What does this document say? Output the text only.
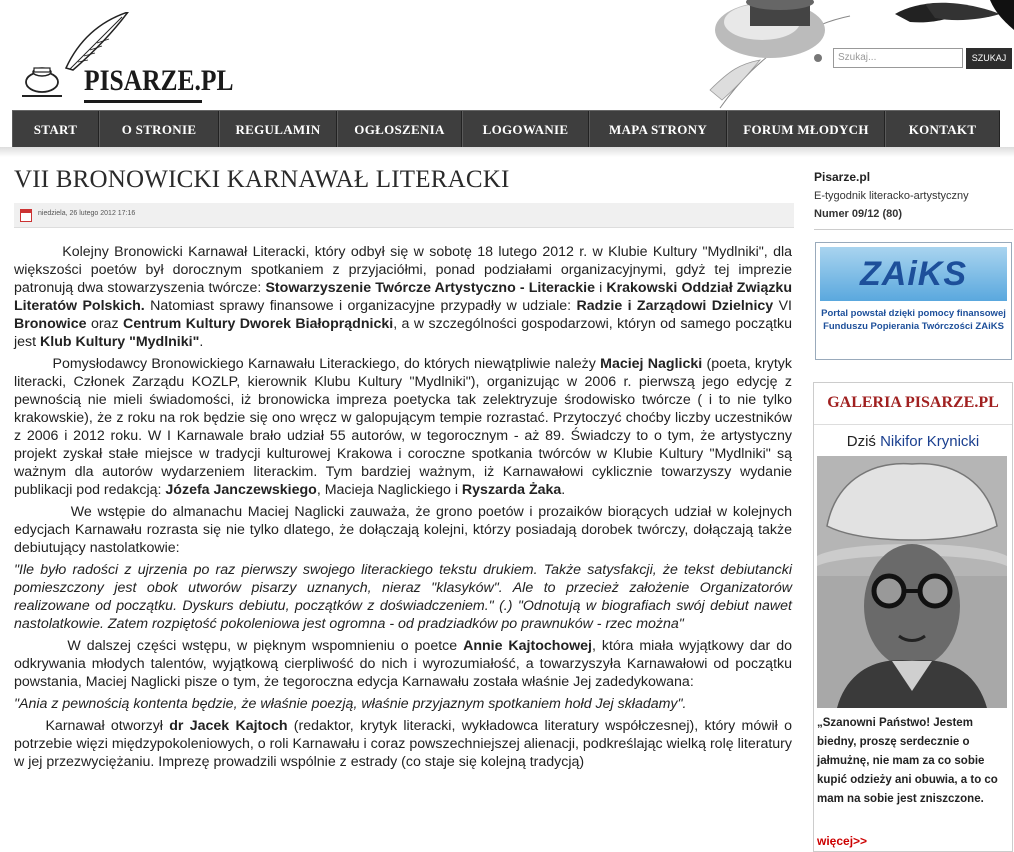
PISARZE.PL
Szukaj...	SZUKAJ
START	O STRONIE	REGULAMIN	OGŁOSZENIA	LOGOWANIE	MAPA STRONY	FORUM MŁODYCH	KONTAKT
VII BRONOWICKI KARNAWAŁ LITERACKI
niedziela, 26 lutego 2012 17:16

Kolejny Bronowicki Karnawał Literacki, który odbył się w sobotę 18 lutego 2012 r. w Klubie Kultury "Mydlniki", dla większości poetów był dorocznym spotkaniem z przyjaciółmi, ponad podziałami organizacyjnymi, gdyż tej imprezie patronują dwa stowarzyszenia twórcze: Stowarzyszenie Twórcze Artystyczno - Literackie i Krakowski Oddział Związku Literatów Polskich. Natomiast sprawy finansowe i organizacyjne przypadły w udziale: Radzie i Zarządowi Dzielnicy VI Bronowice oraz Centrum Kultury Dworek Białoprądnicki, a w szczególności gospodarzowi, któryn od samego początku jest Klub Kultury "Mydlniki".

Pomysłodawcy Bronowickiego Karnawału Literackiego, do których niewątpliwie należy Maciej Naglicki (poeta, krytyk literacki, Członek Zarządu KOZLP, kierownik Klubu Kultury "Mydlniki"), organizując w 2006 r. pierwszą jego edycję z pewnością nie mieli świadomości, iż bronowicka impreza poetycka tak zelektryzuje środowisko twórcze ( i to nie tylko krakowskie), że z roku na rok będzie się ono wręcz w galopującym tempie rozrastać. Przytoczyć choćby liczby uczestników z 2006 i 2012 roku. W I Karnawale brało udział 55 autorów, w tegorocznym - aż 89. Świadczy to o tym, że artystyczny projekt zyskał stałe miejsce w tradycji kulturowej Krakowa i coroczne spotkania twórców w Klubie Kultury "Mydlniki" są ważnym dla autorów wydarzeniem literackim. Tym bardziej ważnym, iż Karnawałowi cyklicznie towarzyszy wydanie publikacji pod redakcją: Józefa Janczewskiego, Macieja Naglickiego i Ryszarda Żaka.

We wstępie do almanachu Maciej Naglicki zauważa, że grono poetów i prozaików biorących udział w kolejnych edycjach Karnawału rozrasta się nie tylko dlatego, że dołączają kolejni, którzy posiadają dorobek twórczy, dołączają także debiutujący nastolatkowie:

"Ile było radości z ujrzenia po raz pierwszy swojego literackiego tekstu drukiem. Także satysfakcji, że tekst debiutancki pomieszczony jest obok utworów pisarzy uznanych, nieraz "klasyków". Ale to przecież założenie Organizatorów realizowane od początku. Dyskurs debiutu, początków z doświadczeniem." (.) "Odnotują w biografiach swój debiut nawet nastolatkowie. Zatem rozpiętość pokoleniowa jest ogromna - od pradziadków po prawnuków - rzec można"

W dalszej części wstępu, w pięknym wspomnieniu o poetce Annie Kajtochowej, która miała wyjątkowy dar do odkrywania młodych talentów, wyjątkową cierpliwość do nich i wyrozumiałość, a towarzyszyła Karnawałowi od początku powstania, Maciej Naglicki pisze o tym, że tegoroczna edycja Karnawału została właśnie Jej zadedykowana:

"Ania z pewnością kontenta będzie, że właśnie poezją, właśnie przyjaznym spotkaniem hołd Jej składamy".

Karnawał otworzył dr Jacek Kajtoch (redaktor, krytyk literacki, wykładowca literatury współczesnej), który mówił o potrzebie więzi międzypokoleniowych, o roli Karnawału i coraz powszechniejszej alienacji, podkreślając wielką rolę literatury w jej przezwyciężaniu. Imprezę prowadzili wspólnie z estrady (co staje się kolejną tradycją)

Pisarze.pl
E-tygodnik literacko-artystyczny
Numer 09/12 (80)
ZAiKS
Portal powstał dzięki pomocy finansowej Funduszu Popierania Twórczości ZAiKS
GALERIA PISARZE.PL
Dziś Nikifor Krynicki
„Szanowni Państwo! Jestem biedny, proszę serdecznie o jałmużnę, nie mam za co sobie kupić odzieży ani obuwia, a to co mam na sobie jest zniszczone.
więcej>>
